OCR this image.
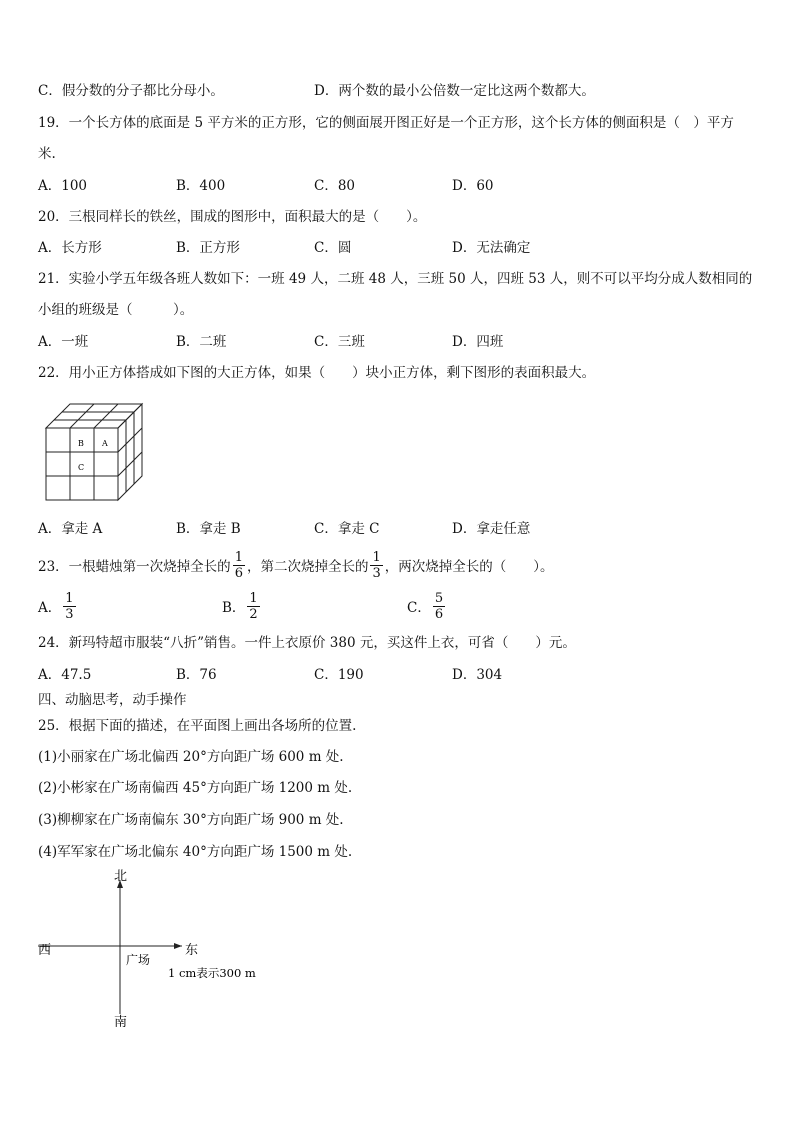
C．假分数的分子都比分母小。	D．两个数的最小公倍数一定比这两个数都大。
19．一个长方体的底面是 5 平方米的正方形，它的侧面展开图正好是一个正方形，这个长方体的侧面积是（　）平方
米.
A．100	B．400	C．80	D．60
20．三根同样长的铁丝，围成的图形中，面积最大的是（　　）。
A．长方形	B．正方形	C．圆	D．无法确定
21．实验小学五年级各班人数如下：一班 49 人，二班 48 人，三班 50 人，四班 53 人，则不可以平均分成人数相同的
小组的班级是（　　　）。
A．一班	B．二班	C．三班	D．四班
22．用小正方体搭成如下图的大正方体，如果（　　）块小正方体，剩下图形的表面积最大。
B A
C
A．拿走 A	B．拿走 B	C．拿走 C	D．拿走任意
23．一根蜡烛第一次烧掉全长的 $\frac{1}{6}$ ，第二次烧掉全长的 $\frac{1}{3}$ ，两次烧掉全长的（　　）。
A． $\frac{1}{3}$	B． $\frac{1}{2}$	C． $\frac{5}{6}$
24．新玛特超市服装“八折”销售。一件上衣原价 380 元，买这件上衣，可省（　　）元。
A．47.5	B．76	C．190	D．304
四、动脑思考，动手操作
25．根据下面的描述，在平面图上画出各场所的位置.
(1)小丽家在广场北偏西 20°方向距广场 600 m 处.
(2)小彬家在广场南偏西 45°方向距广场 1200 m 处.
(3)柳柳家在广场南偏东 30°方向距广场 900 m 处.
(4)军军家在广场北偏东 40°方向距广场 1500 m 处.
北
南
西	东
广场
1 cm表示300 m
